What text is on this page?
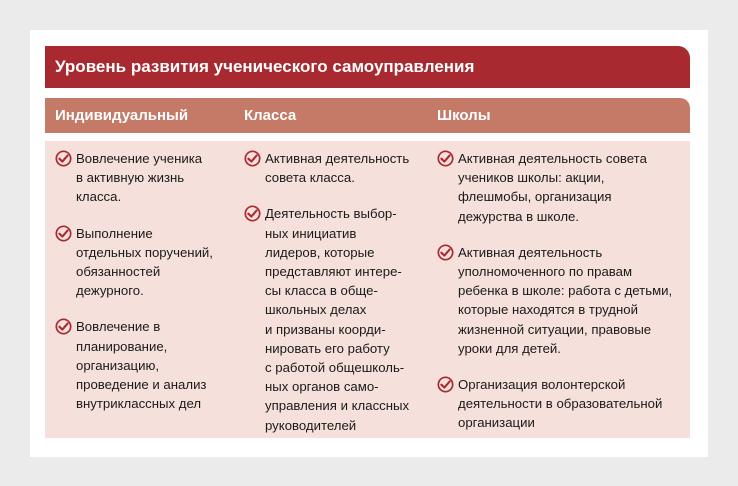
Уровень развития ученического самоуправления
Индивидуальный
Вовлечение ученика
в активную жизнь
класса.
Выполнение
отдельных поручений,
обязанностей
дежурного.
Вовлечение в
планирование,
организацию,
проведение и анализ
внутриклассных дел
Класса
Активная деятельность
совета класса.
Деятельность выбор-
ных инициатив
лидеров, которые
представляют интере-
сы класса в обще-
школьных делах
и призваны коорди-
нировать его работу
с работой общешколь-
ных органов само-
управления и классных
руководителей
Школы
Активная деятельность совета
учеников школы: акции,
флешмобы, организация
дежурства в школе.
Активная деятельность
уполномоченного по правам
ребенка в школе: работа с детьми,
которые находятся в трудной
жизненной ситуации, правовые
уроки для детей.
Организация волонтерской
деятельности в образовательной
организации
